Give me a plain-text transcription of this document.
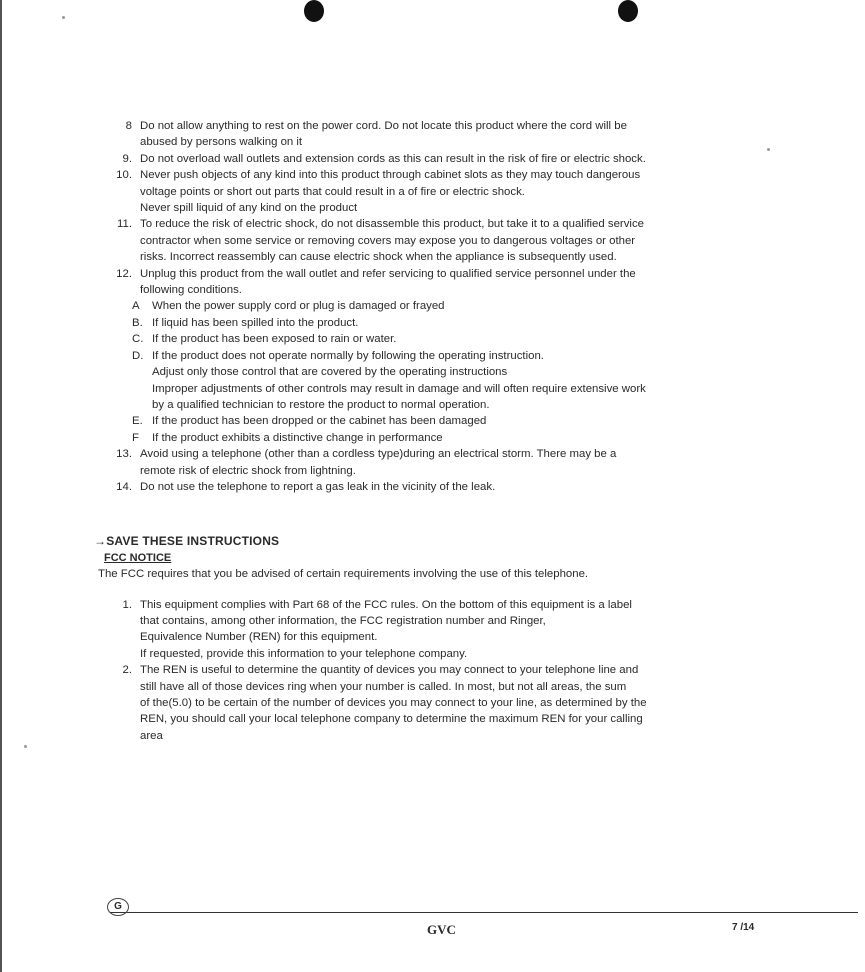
8 Do not allow anything to rest on the power cord. Do not locate this product where the cord will be
abused by persons walking on it
9. Do not overload wall outlets and extension cords as this can result in the risk of fire or electric shock.
10. Never push objects of any kind into this product through cabinet slots as they may touch dangerous
voltage points or short out parts that could result in a of fire or electric shock.
Never spill liquid of any kind on the product
11. To reduce the risk of electric shock, do not disassemble this product, but take it to a qualified service
contractor when some service or removing covers may expose you to dangerous voltages or other
risks. Incorrect reassembly can cause electric shock when the appliance is subsequently used.
12. Unplug this product from the wall outlet and refer servicing to qualified service personnel under the
following conditions.
A	When the power supply cord or plug is damaged or frayed
B. If liquid has been spilled into the product.
C. If the product has been exposed to rain or water.
D. If the product does not operate normally by following the operating instruction.
Adjust only those control that are covered by the operating instructions
Improper adjustments of other controls may result in damage and will often require extensive work
by a qualified technician to restore the product to normal operation.
E. If the product has been dropped or the cabinet has been damaged
F	If the product exhibits a distinctive change in performance
13. Avoid using a telephone (other than a cordless type)during an electrical storm. There may be a
remote risk of electric shock from lightning.
14. Do not use the telephone to report a gas leak in the vicinity of the leak.
→SAVE THESE INSTRUCTIONS
FCC NOTICE
The FCC requires that you be advised of certain requirements involving the use of this telephone.
1. This equipment complies with Part 68 of the FCC rules. On the bottom of this equipment is a label
that contains, among other information, the FCC registration number and Ringer,
Equivalence Number (REN) for this equipment.
If requested, provide this information to your telephone company.
2. The REN is useful to determine the quantity of devices you may connect to your telephone line and
still have all of those devices ring when your number is called. In most, but not all areas, the sum
of the(5.0) to be certain of the number of devices you may connect to your line, as determined by the
REN, you should call your local telephone company to determine the maximum REN for your calling
area
G
GVC	7 /14
